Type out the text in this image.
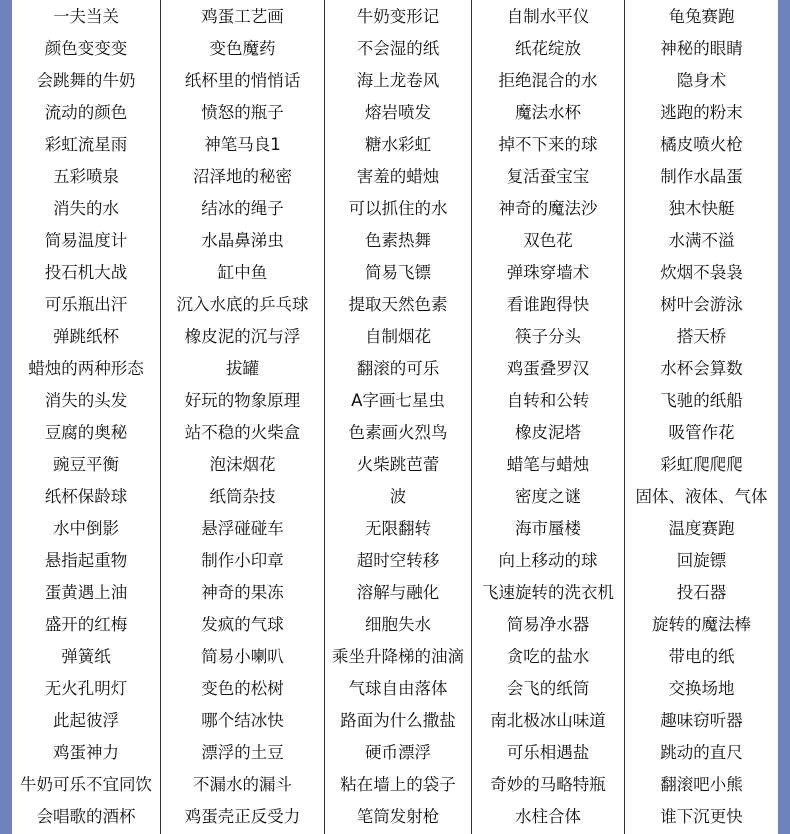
一夫当关
颜色变变变
会跳舞的牛奶
流动的颜色
彩虹流星雨
五彩喷泉
消失的水
简易温度计
投石机大战
可乐瓶出汗
弹跳纸杯
蜡烛的两种形态
消失的头发
豆腐的奥秘
豌豆平衡
纸杯保龄球
水中倒影
悬指起重物
蛋黄遇上油
盛开的红梅
弹簧纸
无火孔明灯
此起彼浮
鸡蛋神力
牛奶可乐不宜同饮
会唱歌的酒杯
鸡蛋工艺画
变色魔药
纸杯里的悄悄话
愤怒的瓶子
神笔马良1
沼泽地的秘密
结冰的绳子
水晶鼻涕虫
缸中鱼
沉入水底的乒乓球
橡皮泥的沉与浮
拔罐
好玩的物象原理
站不稳的火柴盒
泡沫烟花
纸筒杂技
悬浮碰碰车
制作小印章
神奇的果冻
发疯的气球
简易小喇叭
变色的松树
哪个结冰快
漂浮的土豆
不漏水的漏斗
鸡蛋壳正反受力
牛奶变形记
不会湿的纸
海上龙卷风
熔岩喷发
糖水彩虹
害羞的蜡烛
可以抓住的水
色素热舞
简易飞镖
提取天然色素
自制烟花
翻滚的可乐
A字画七星虫
色素画火烈鸟
火柴跳芭蕾
波
无限翻转
超时空转移
溶解与融化
细胞失水
乘坐升降梯的油滴
气球自由落体
路面为什么撒盐
硬币漂浮
粘在墙上的袋子
笔筒发射枪
自制水平仪
纸花绽放
拒绝混合的水
魔法水杯
掉不下来的球
复活蚕宝宝
神奇的魔法沙
双色花
弹珠穿墙术
看谁跑得快
筷子分头
鸡蛋叠罗汉
自转和公转
橡皮泥塔
蜡笔与蜡烛
密度之谜
海市蜃楼
向上移动的球
飞速旋转的洗衣机
简易净水器
贪吃的盐水
会飞的纸筒
南北极冰山味道
可乐相遇盐
奇妙的马略特瓶
水柱合体
龟兔赛跑
神秘的眼睛
隐身术
逃跑的粉末
橘皮喷火枪
制作水晶蛋
独木快艇
水满不溢
炊烟不袅袅
树叶会游泳
搭天桥
水杯会算数
飞驰的纸船
吸管作花
彩虹爬爬爬
固体、液体、气体
温度赛跑
回旋镖
投石器
旋转的魔法棒
带电的纸
交换场地
趣味窃听器
跳动的直尺
翻滚吧小熊
谁下沉更快
